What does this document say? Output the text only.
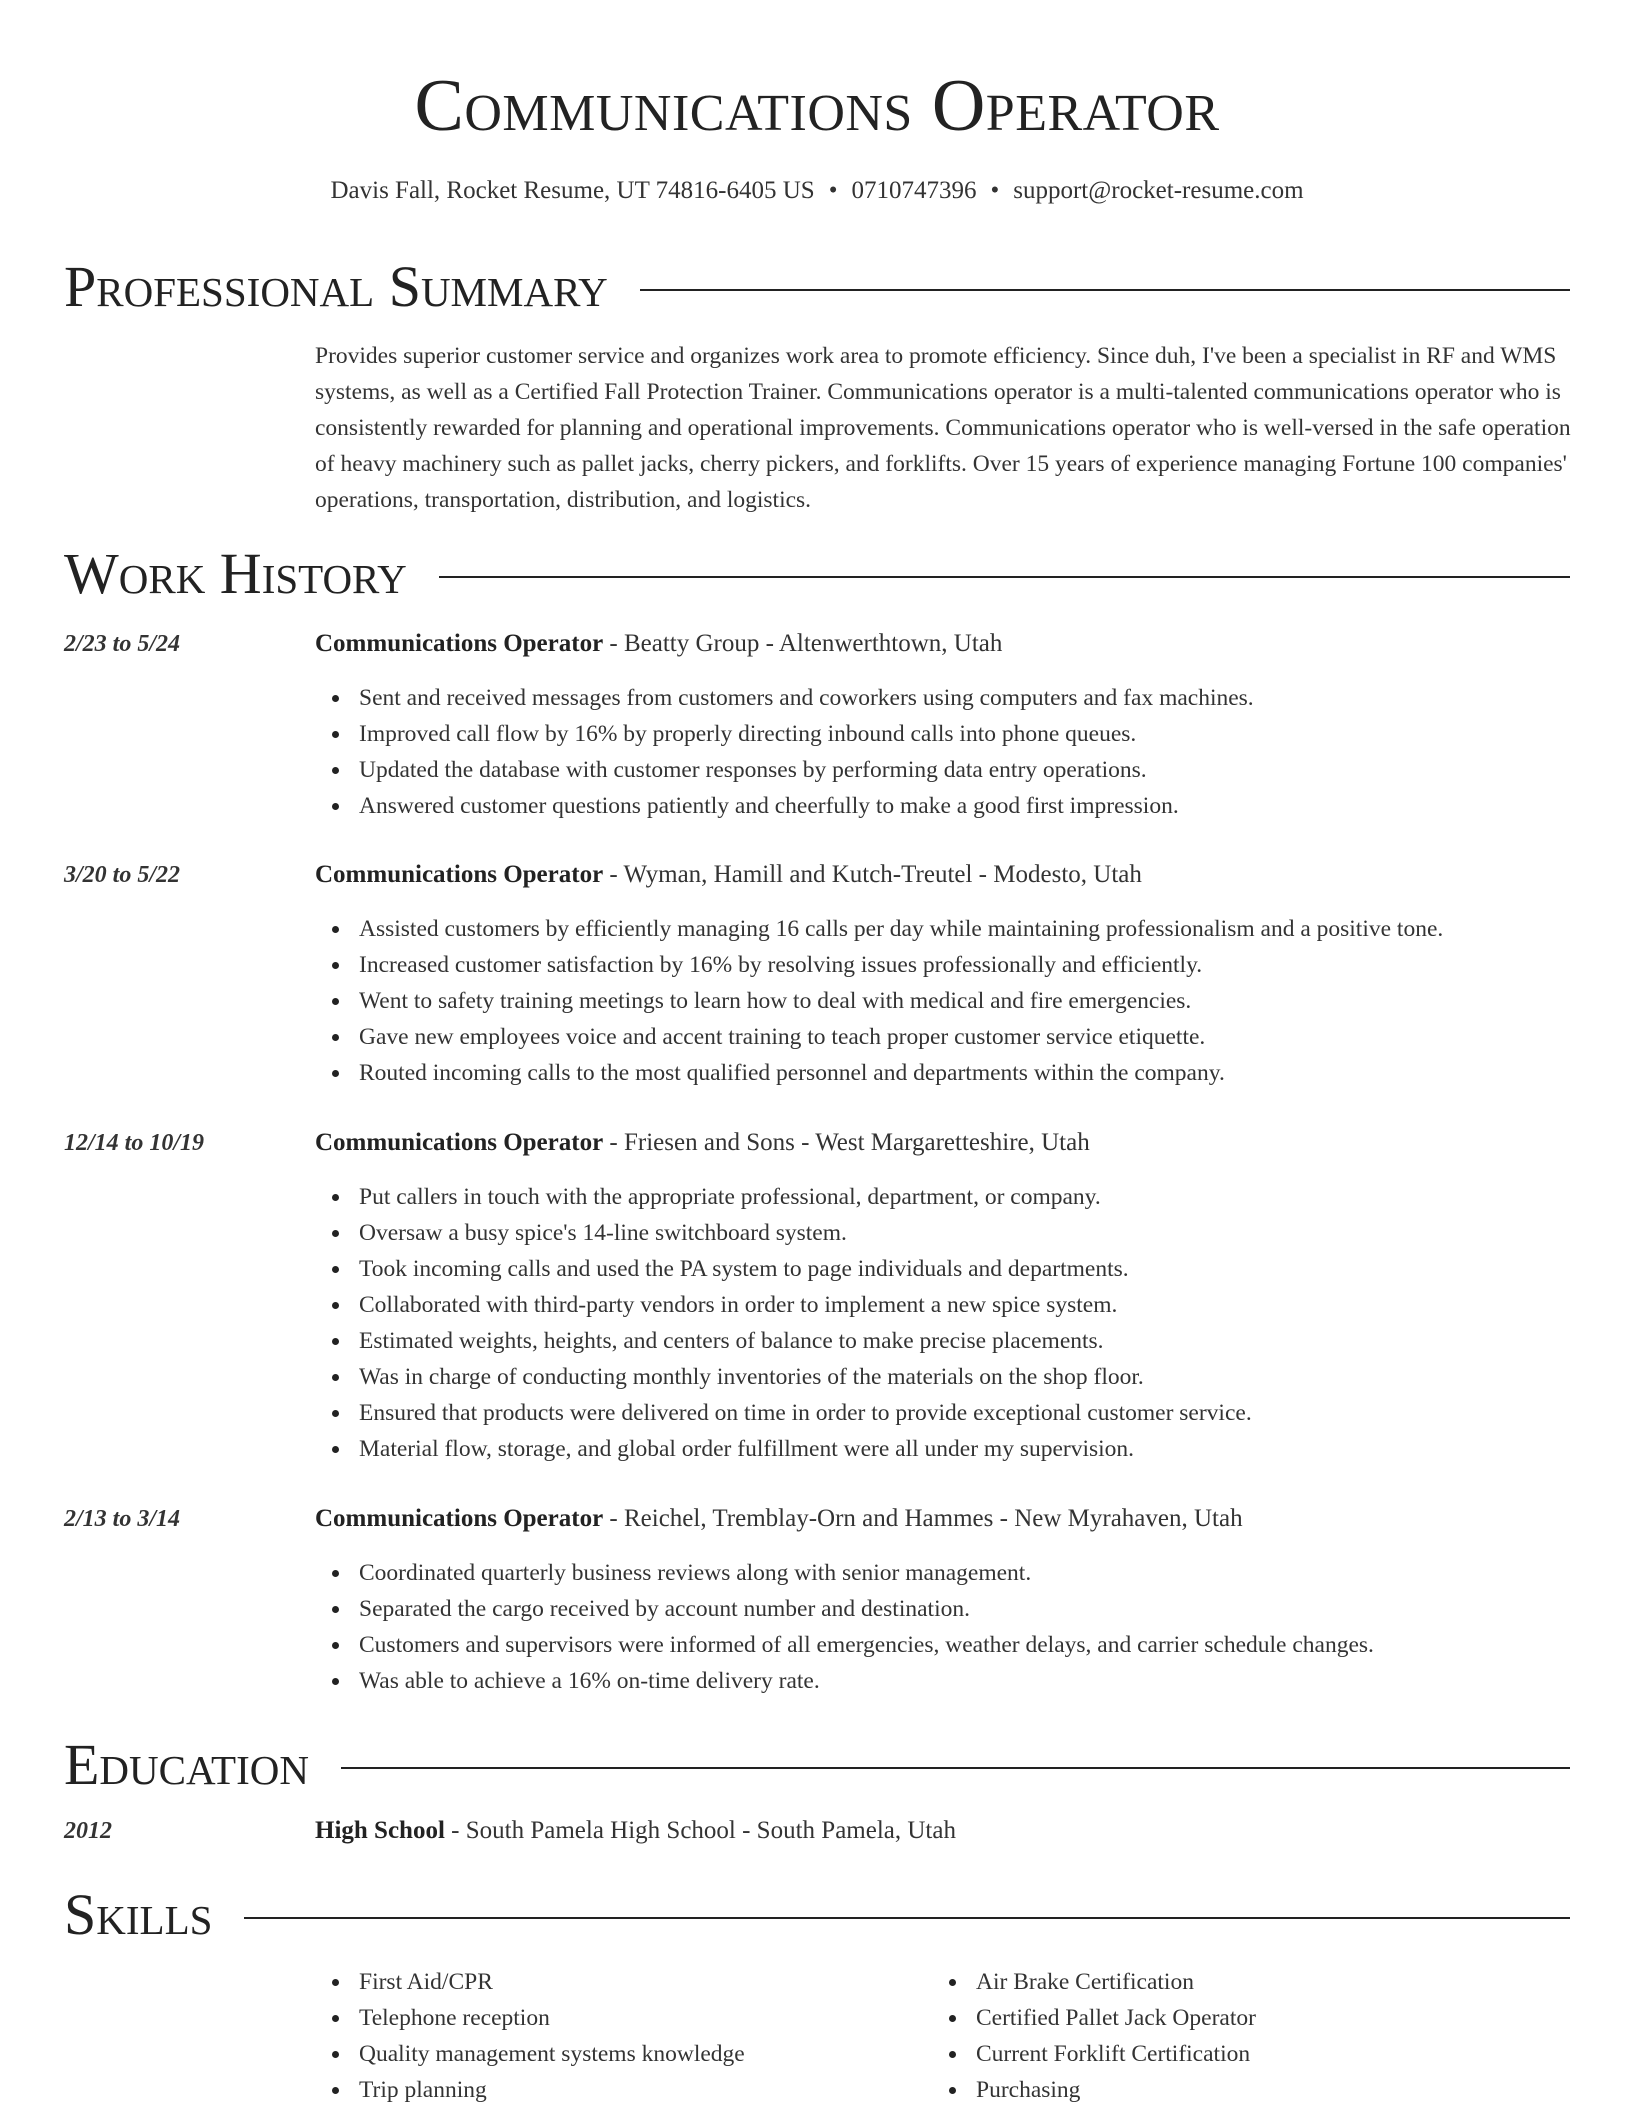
Communications Operator
Davis Fall, Rocket Resume, UT 74816-6405 US • 0710747396 • support@rocket-resume.com
Professional Summary

Provides superior customer service and organizes work area to promote efficiency. Since duh, I've been a specialist in RF and WMS systems, as well as a Certified Fall Protection Trainer. Communications operator is a multi-talented communications operator who is consistently rewarded for planning and operational improvements. Communications operator who is well-versed in the safe operation of heavy machinery such as pallet jacks, cherry pickers, and forklifts. Over 15 years of experience managing Fortune 100 companies' operations, transportation, distribution, and logistics.

Work History
2/23 to 5/24	Communications Operator - Beatty Group - Altenwerthtown, Utah
Sent and received messages from customers and coworkers using computers and fax machines.
Improved call flow by 16% by properly directing inbound calls into phone queues.
Updated the database with customer responses by performing data entry operations.
Answered customer questions patiently and cheerfully to make a good first impression.
3/20 to 5/22	Communications Operator - Wyman, Hamill and Kutch-Treutel - Modesto, Utah
Assisted customers by efficiently managing 16 calls per day while maintaining professionalism and a positive tone.
Increased customer satisfaction by 16% by resolving issues professionally and efficiently.
Went to safety training meetings to learn how to deal with medical and fire emergencies.
Gave new employees voice and accent training to teach proper customer service etiquette.
Routed incoming calls to the most qualified personnel and departments within the company.
12/14 to 10/19	Communications Operator - Friesen and Sons - West Margaretteshire, Utah
Put callers in touch with the appropriate professional, department, or company.
Oversaw a busy spice's 14-line switchboard system.
Took incoming calls and used the PA system to page individuals and departments.
Collaborated with third-party vendors in order to implement a new spice system.
Estimated weights, heights, and centers of balance to make precise placements.
Was in charge of conducting monthly inventories of the materials on the shop floor.
Ensured that products were delivered on time in order to provide exceptional customer service.
Material flow, storage, and global order fulfillment were all under my supervision.
2/13 to 3/14	Communications Operator - Reichel, Tremblay-Orn and Hammes - New Myrahaven, Utah
Coordinated quarterly business reviews along with senior management.
Separated the cargo received by account number and destination.
Customers and supervisors were informed of all emergencies, weather delays, and carrier schedule changes.
Was able to achieve a 16% on-time delivery rate.
Education
2012	High School - South Pamela High School - South Pamela, Utah
Skills
First Aid/CPR
Telephone reception
Quality management systems knowledge
Trip planning
Air Brake Certification
Certified Pallet Jack Operator
Current Forklift Certification
Purchasing
